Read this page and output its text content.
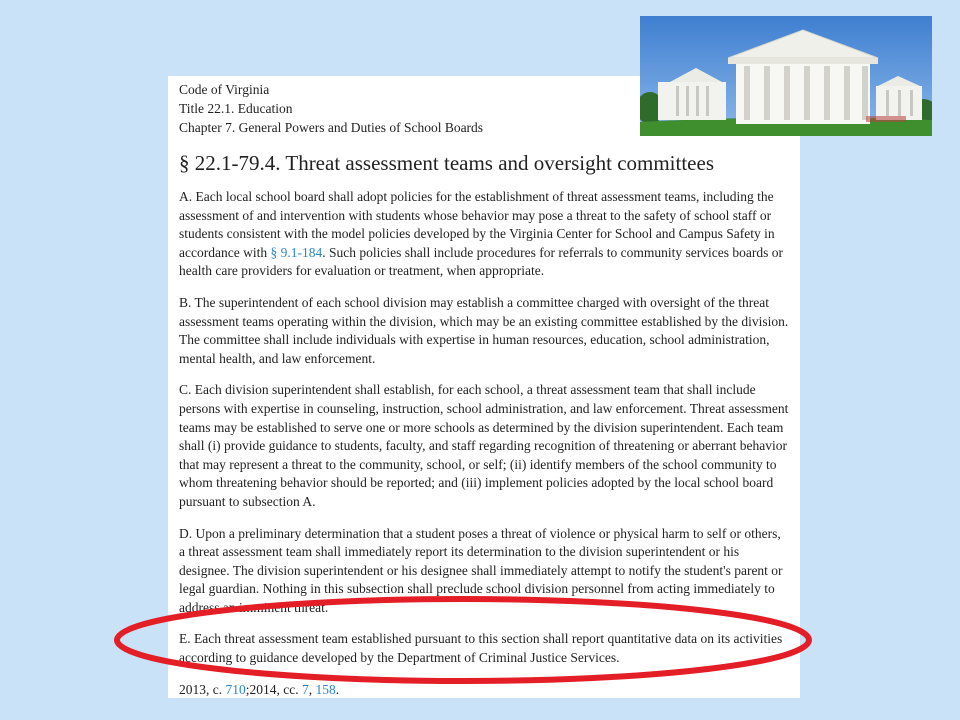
Code of Virginia
Title 22.1. Education
Chapter 7. General Powers and Duties of School Boards
§ 22.1-79.4. Threat assessment teams and oversight committees

A. Each local school board shall adopt policies for the establishment of threat assessment teams, including the assessment of and intervention with students whose behavior may pose a threat to the safety of school staff or students consistent with the model policies developed by the Virginia Center for School and Campus Safety in accordance with § 9.1-184. Such policies shall include procedures for referrals to community services boards or health care providers for evaluation or treatment, when appropriate.

B. The superintendent of each school division may establish a committee charged with oversight of the threat assessment teams operating within the division, which may be an existing committee established by the division. The committee shall include individuals with expertise in human resources, education, school administration, mental health, and law enforcement.

C. Each division superintendent shall establish, for each school, a threat assessment team that shall include persons with expertise in counseling, instruction, school administration, and law enforcement. Threat assessment teams may be established to serve one or more schools as determined by the division superintendent. Each team shall (i) provide guidance to students, faculty, and staff regarding recognition of threatening or aberrant behavior that may represent a threat to the community, school, or self; (ii) identify members of the school community to whom threatening behavior should be reported; and (iii) implement policies adopted by the local school board pursuant to subsection A.

D. Upon a preliminary determination that a student poses a threat of violence or physical harm to self or others, a threat assessment team shall immediately report its determination to the division superintendent or his designee. The division superintendent or his designee shall immediately attempt to notify the student's parent or legal guardian. Nothing in this subsection shall preclude school division personnel from acting immediately to address an imminent threat.

E. Each threat assessment team established pursuant to this section shall report quantitative data on its activities according to guidance developed by the Department of Criminal Justice Services.

2013, c. 710;2014, cc. 7, 158.
